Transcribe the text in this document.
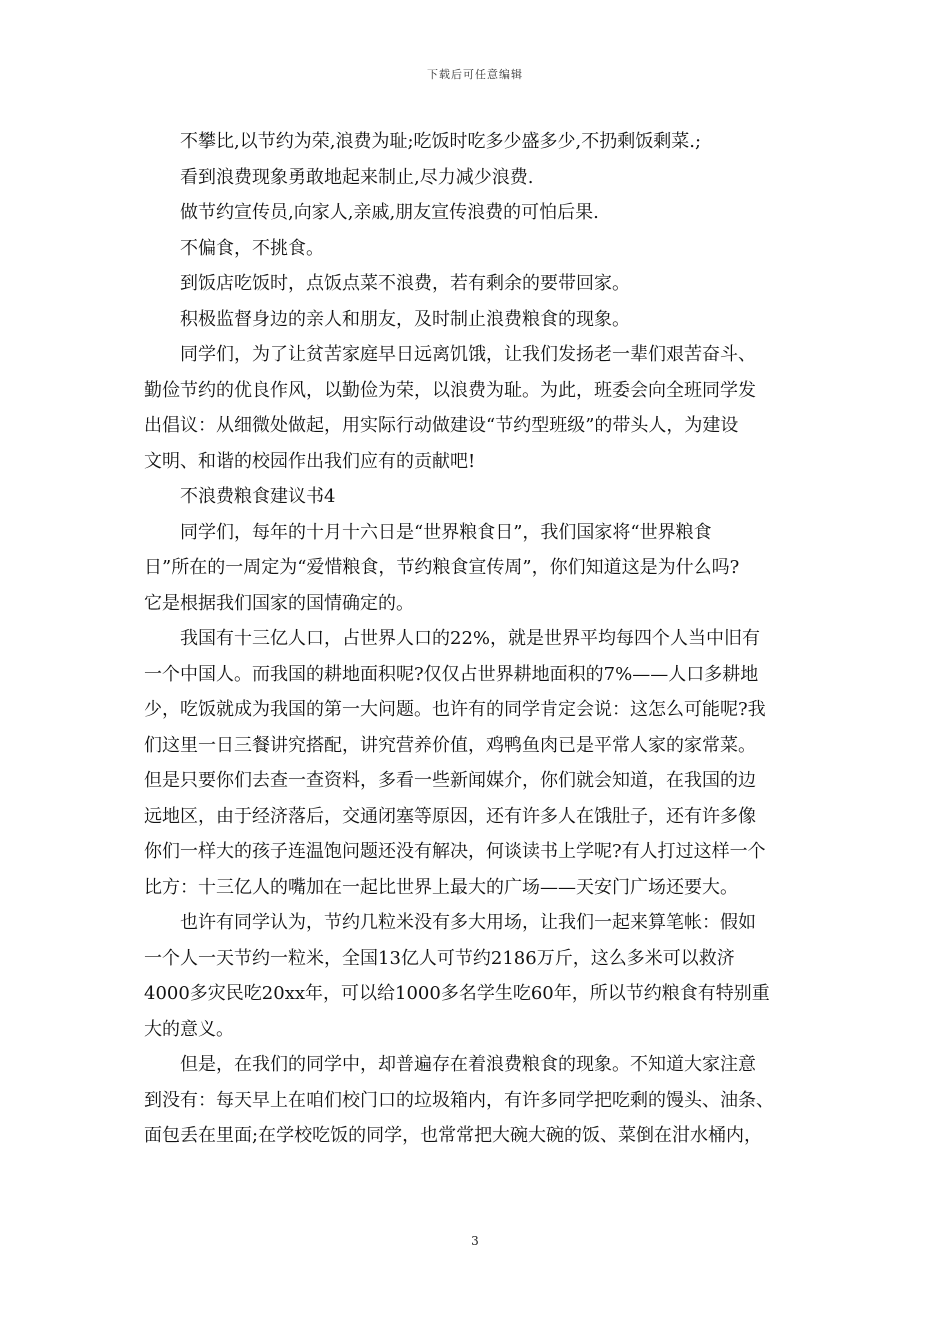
下载后可任意编辑
不攀比,以节约为荣,浪费为耻;吃饭时吃多少盛多少,不扔剩饭剩菜.;
看到浪费现象勇敢地起来制止,尽力减少浪费.
做节约宣传员,向家人,亲戚,朋友宣传浪费的可怕后果.
不偏食，不挑食。
到饭店吃饭时，点饭点菜不浪费，若有剩余的要带回家。
积极监督身边的亲人和朋友，及时制止浪费粮食的现象。
同学们，为了让贫苦家庭早日远离饥饿，让我们发扬老一辈们艰苦奋斗、
勤俭节约的优良作风，以勤俭为荣，以浪费为耻。为此，班委会向全班同学发
出倡议：从细微处做起，用实际行动做建设“节约型班级”的带头人，为建设
文明、和谐的校园作出我们应有的贡献吧!
不浪费粮食建议书4
同学们，每年的十月十六日是“世界粮食日”，我们国家将“世界粮食
日”所在的一周定为“爱惜粮食，节约粮食宣传周”，你们知道这是为什么吗?
它是根据我们国家的国情确定的。
我国有十三亿人口，占世界人口的22%，就是世界平均每四个人当中旧有
一个中国人。而我国的耕地面积呢?仅仅占世界耕地面积的7%——人口多耕地
少，吃饭就成为我国的第一大问题。也许有的同学肯定会说：这怎么可能呢?我
们这里一日三餐讲究搭配，讲究营养价值，鸡鸭鱼肉已是平常人家的家常菜。
但是只要你们去查一查资料，多看一些新闻媒介，你们就会知道，在我国的边
远地区，由于经济落后，交通闭塞等原因，还有许多人在饿肚子，还有许多像
你们一样大的孩子连温饱问题还没有解决，何谈读书上学呢?有人打过这样一个
比方：十三亿人的嘴加在一起比世界上最大的广场——天安门广场还要大。
也许有同学认为，节约几粒米没有多大用场，让我们一起来算笔帐：假如
一个人一天节约一粒米，全国13亿人可节约2186万斤，这么多米可以救济
4000多灾民吃20xx年，可以给1000多名学生吃60年，所以节约粮食有特别重
大的意义。
但是，在我们的同学中，却普遍存在着浪费粮食的现象。不知道大家注意
到没有：每天早上在咱们校门口的垃圾箱内，有许多同学把吃剩的馒头、油条、
面包丢在里面;在学校吃饭的同学，也常常把大碗大碗的饭、菜倒在泔水桶内，
3
